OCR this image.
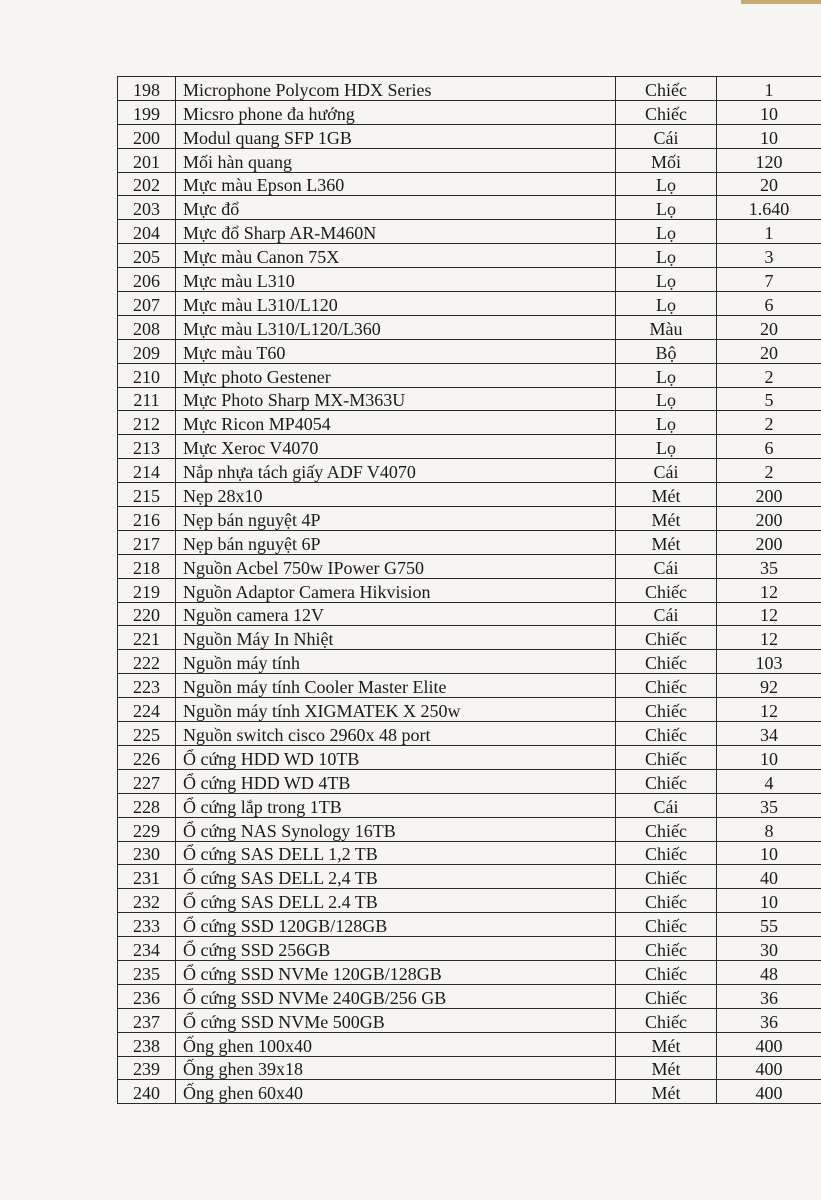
198	Microphone Polycom HDX Series	Chiếc	1
199	Micsro phone đa hướng	Chiếc	10
200	Modul quang SFP 1GB	Cái	10
201	Mối hàn quang	Mối	120
202	Mực màu Epson L360	Lọ	20
203	Mực đổ	Lọ	1.640
204	Mực đổ Sharp AR-M460N	Lọ	1
205	Mực màu Canon 75X	Lọ	3
206	Mực màu L310	Lọ	7
207	Mực màu L310/L120	Lọ	6
208	Mực màu L310/L120/L360	Màu	20
209	Mực màu T60	Bộ	20
210	Mực photo Gestener	Lọ	2
211	Mực Photo Sharp MX-M363U	Lọ	5
212	Mực Ricon MP4054	Lọ	2
213	Mực Xeroc V4070	Lọ	6
214	Nắp nhựa tách giấy ADF V4070	Cái	2
215	Nẹp 28x10	Mét	200
216	Nẹp bán nguyệt 4P	Mét	200
217	Nẹp bán nguyệt 6P	Mét	200
218	Nguồn Acbel 750w IPower G750	Cái	35
219	Nguồn Adaptor Camera Hikvision	Chiếc	12
220	Nguồn camera 12V	Cái	12
221	Nguồn Máy In Nhiệt	Chiếc	12
222	Nguồn máy tính	Chiếc	103
223	Nguồn máy tính Cooler Master Elite	Chiếc	92
224	Nguồn máy tính XIGMATEK X 250w	Chiếc	12
225	Nguồn switch cisco 2960x 48 port	Chiếc	34
226	Ổ cứng HDD WD 10TB	Chiếc	10
227	Ổ cứng HDD WD 4TB	Chiếc	4
228	Ổ cứng lắp trong 1TB	Cái	35
229	Ổ cứng NAS Synology 16TB	Chiếc	8
230	Ổ cứng SAS DELL 1,2 TB	Chiếc	10
231	Ổ cứng SAS DELL 2,4 TB	Chiếc	40
232	Ổ cứng SAS DELL 2.4 TB	Chiếc	10
233	Ổ cứng SSD 120GB/128GB	Chiếc	55
234	Ổ cứng SSD 256GB	Chiếc	30
235	Ổ cứng SSD NVMe 120GB/128GB	Chiếc	48
236	Ổ cứng SSD NVMe 240GB/256 GB	Chiếc	36
237	Ổ cứng SSD NVMe 500GB	Chiếc	36
238	Ống ghen 100x40	Mét	400
239	Ống ghen 39x18	Mét	400
240	Ống ghen 60x40	Mét	400
